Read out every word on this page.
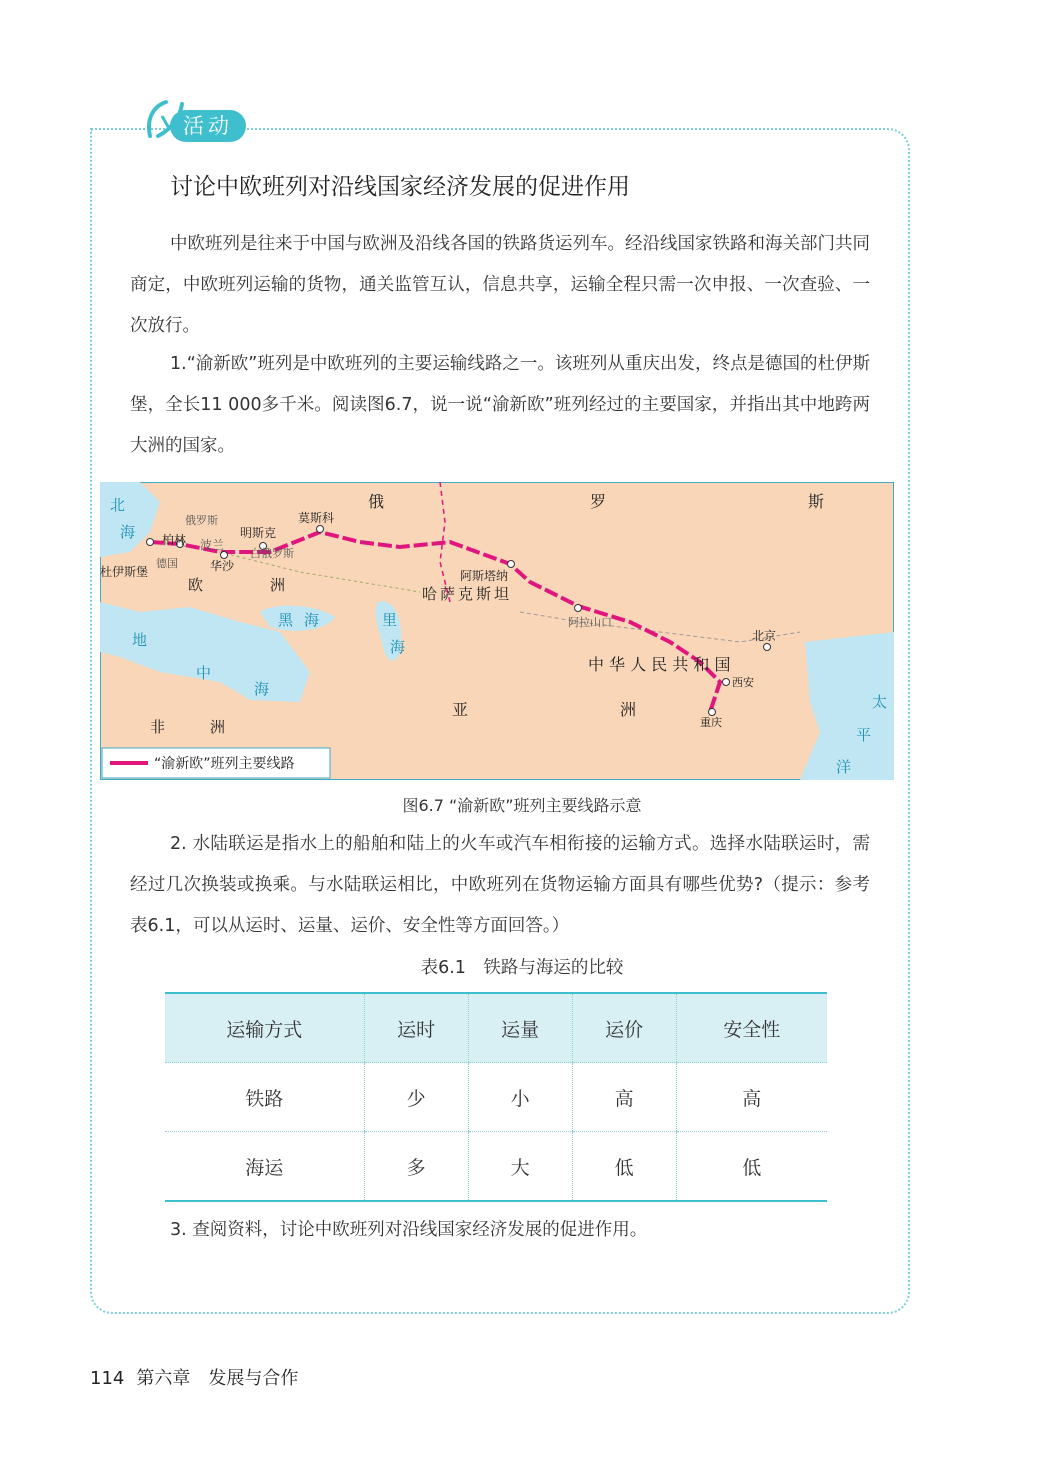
活动
讨论中欧班列对沿线国家经济发展的促进作用
中欧班列是往来于中国与欧洲及沿线各国的铁路货运列车。经沿线国家铁路和海关部门共同商定，中欧班列运输的货物，通关监管互认，信息共享，运输全程只需一次申报、一次查验、一次放行。
1.“渝新欧”班列是中欧班列的主要运输线路之一。该班列从重庆出发，终点是德国的杜伊斯堡，全长11 000多千米。阅读图6.7，说一说“渝新欧”班列经过的主要国家，并指出其中地跨两大洲的国家。
北
海
俄	罗	斯
莫斯科
俄罗斯
明斯克
柏林 波兰
白俄罗斯
德国	华沙
杜伊斯堡
欧	洲	阿斯塔纳
哈萨克斯坦
阿拉山口
北京
中 华 人 民 共 和 国
西安
重庆
黑 海	里
海
地
中
海
非	洲
亚	洲	太
平
洋
“渝新欧”班列主要线路
图6.7 “渝新欧”班列主要线路示意
2. 水陆联运是指水上的船舶和陆上的火车或汽车相衔接的运输方式。选择水陆联运时，需经过几次换装或换乘。与水陆联运相比，中欧班列在货物运输方面具有哪些优势?（提示：参考表6.1，可以从运时、运量、运价、安全性等方面回答。）
表6.1　铁路与海运的比较
运输方式	运时	运量	运价	安全性
铁路	少	小	高	高
海运	多	大	低	低
3. 查阅资料，讨论中欧班列对沿线国家经济发展的促进作用。
114 第六章　发展与合作
